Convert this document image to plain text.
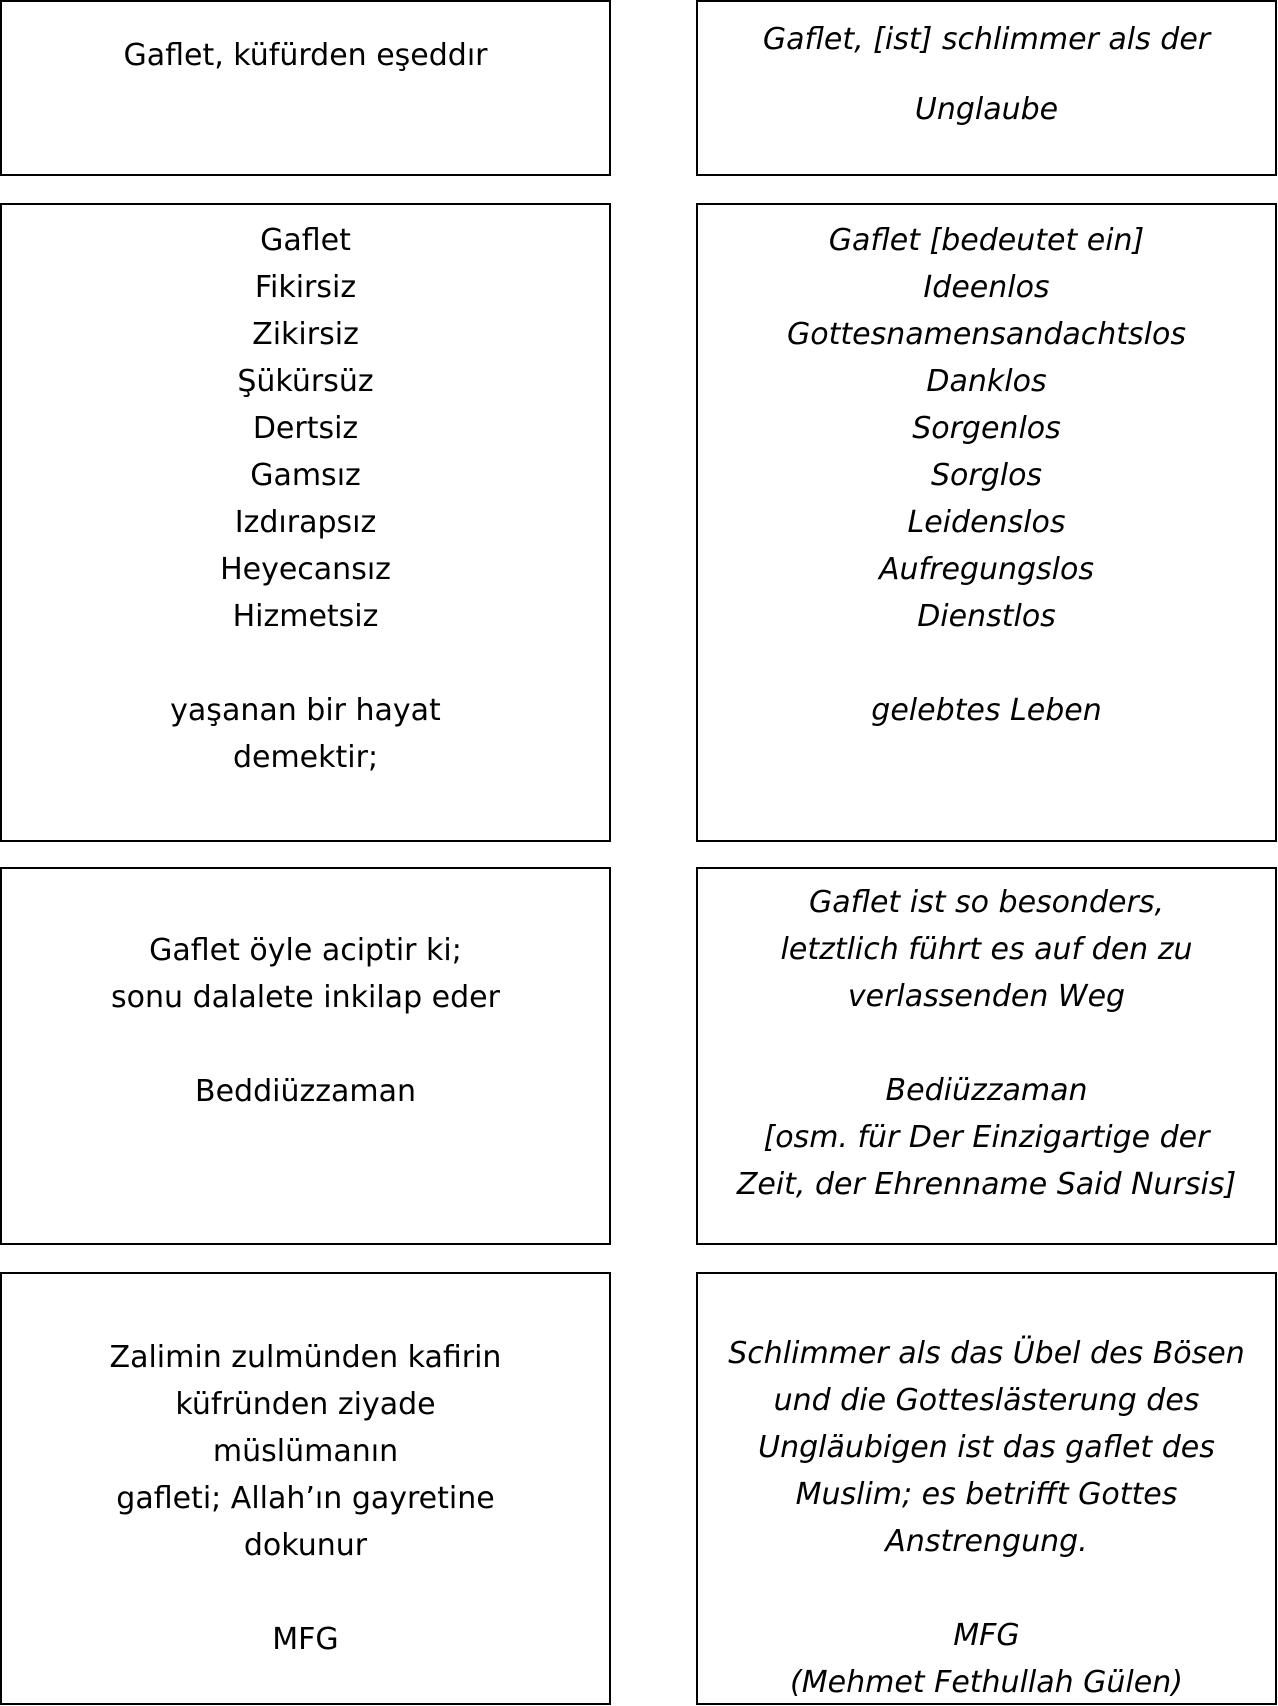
Gaflet, küfürden eşeddır	Gaflet, [ist] schlimmer als der
Unglaube
Gaflet
Fikirsiz
Zikirsiz
Şükürsüz
Dertsiz
Gamsız
Izdırapsız
Heyecansız
Hizmetsiz
yaşanan bir hayat
demektir;
Gaflet [bedeutet ein]
Ideenlos
Gottesnamensandachtslos
Danklos
Sorgenlos
Sorglos
Leidenslos
Aufregungslos
Dienstlos
gelebtes Leben
Gaflet öyle aciptir ki;
sonu dalalete inkilap eder
Beddiüzzaman
Gaflet ist so besonders,
letztlich führt es auf den zu
verlassenden Weg
Bediüzzaman
[osm. für Der Einzigartige der
Zeit, der Ehrenname Said Nursis]
Zalimin zulmünden kafirin
küfründen ziyade
müslümanın
gafleti; Allah’ın gayretine
dokunur
MFG
Schlimmer als das Übel des Bösen
und die Gotteslästerung des
Ungläubigen ist das gaflet des
Muslim; es betrifft Gottes
Anstrengung.
MFG
(Mehmet Fethullah Gülen)
